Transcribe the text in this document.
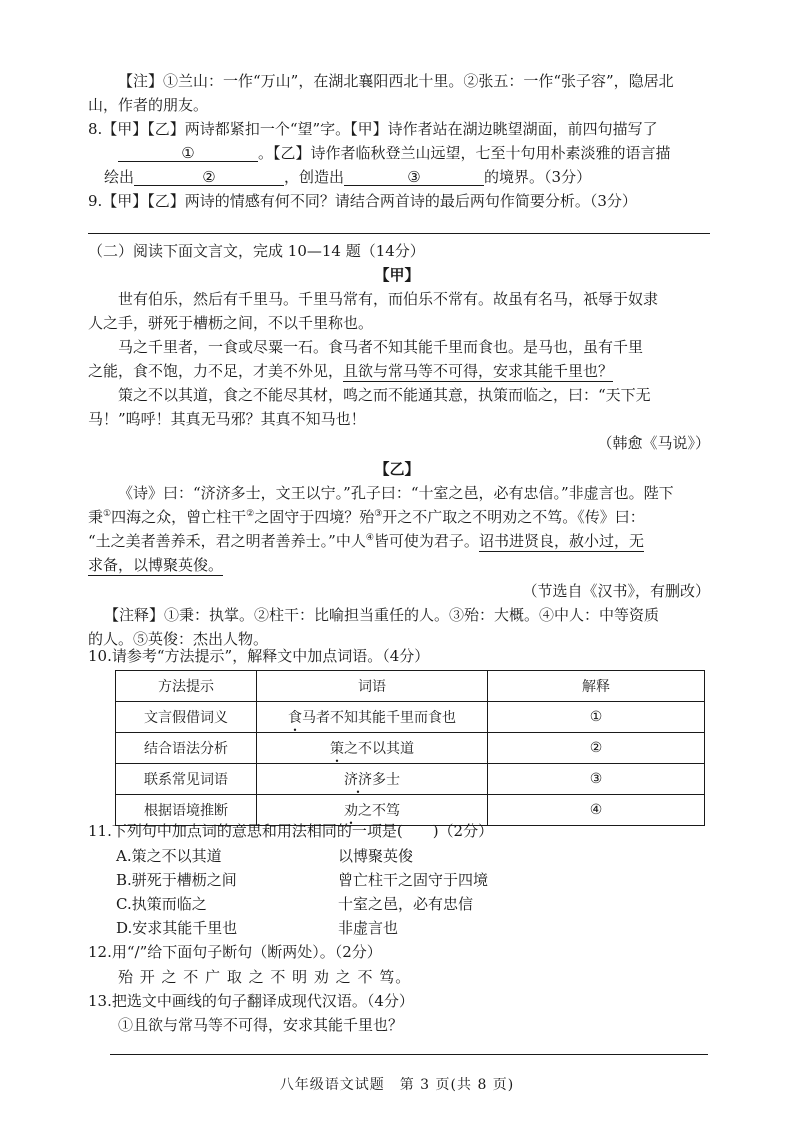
【注】①兰山：一作“万山”，在湖北襄阳西北十里。②张五：一作“张子容”，隐居北
山，作者的朋友。
8.【甲】【乙】两诗都紧扣一个“望”字。【甲】诗作者站在湖边眺望湖面，前四句描写了
①	。【乙】诗作者临秋登兰山远望，七至十句用朴素淡雅的语言描
绘出	②	，创造出	③	的境界。（3分）
9.【甲】【乙】两诗的情感有何不同？请结合两首诗的最后两句作简要分析。（3分）
（二）阅读下面文言文，完成 10—14 题（14分）
【甲】
世有伯乐，然后有千里马。千里马常有，而伯乐不常有。故虽有名马，祇辱于奴隶
人之手，骈死于槽枥之间，不以千里称也。
马之千里者，一食或尽粟一石。食马者不知其能千里而食也。是马也，虽有千里
之能，食不饱，力不足，才美不外见，且欲与常马等不可得，安求其能千里也？
策之不以其道，食之不能尽其材，鸣之而不能通其意，执策而临之，曰：“天下无
马！”呜呼！其真无马邪？其真不知马也！
（韩愈《马说》）
【乙】
《诗》曰：“济济多士，文王以宁。”孔子曰：“十室之邑，必有忠信。”非虚言也。陛下
秉①四海之众，曾亡柱干②之固守于四境？殆③开之不广取之不明劝之不笃。《传》曰：
“土之美者善养禾，君之明者善养士。”中人④皆可使为君子。诏书进贤良，赦小过，无
求备，以博聚英俊。
（节选自《汉书》，有删改）
【注释】①秉：执掌。②柱干：比喻担当重任的人。③殆：大概。④中人：中等资质
的人。⑤英俊：杰出人物。
10.请参考“方法提示”，解释文中加点词语。（4分）
方法提示	词语	解释
文言假借词义	食马者不知其能千里而食也	①
结合语法分析	策之不以其道	②
联系常见词语	济济多士	③
根据语境推断	劝之不笃	④
11.下列句中加点词的意思和用法相同的一项是(　　)（2分）
A.策之不以其道	以博聚英俊
B.骈死于槽枥之间	曾亡柱干之固守于四境
C.执策而临之	十室之邑，必有忠信
D.安求其能千里也	非虚言也
12.用“/”给下面句子断句（断两处）。（2分）
殆 开 之 不 广 取 之 不 明 劝 之 不 笃。
13.把选文中画线的句子翻译成现代汉语。（4分）
①且欲与常马等不可得，安求其能千里也？
八年级语文试题　第 3 页(共 8 页)
